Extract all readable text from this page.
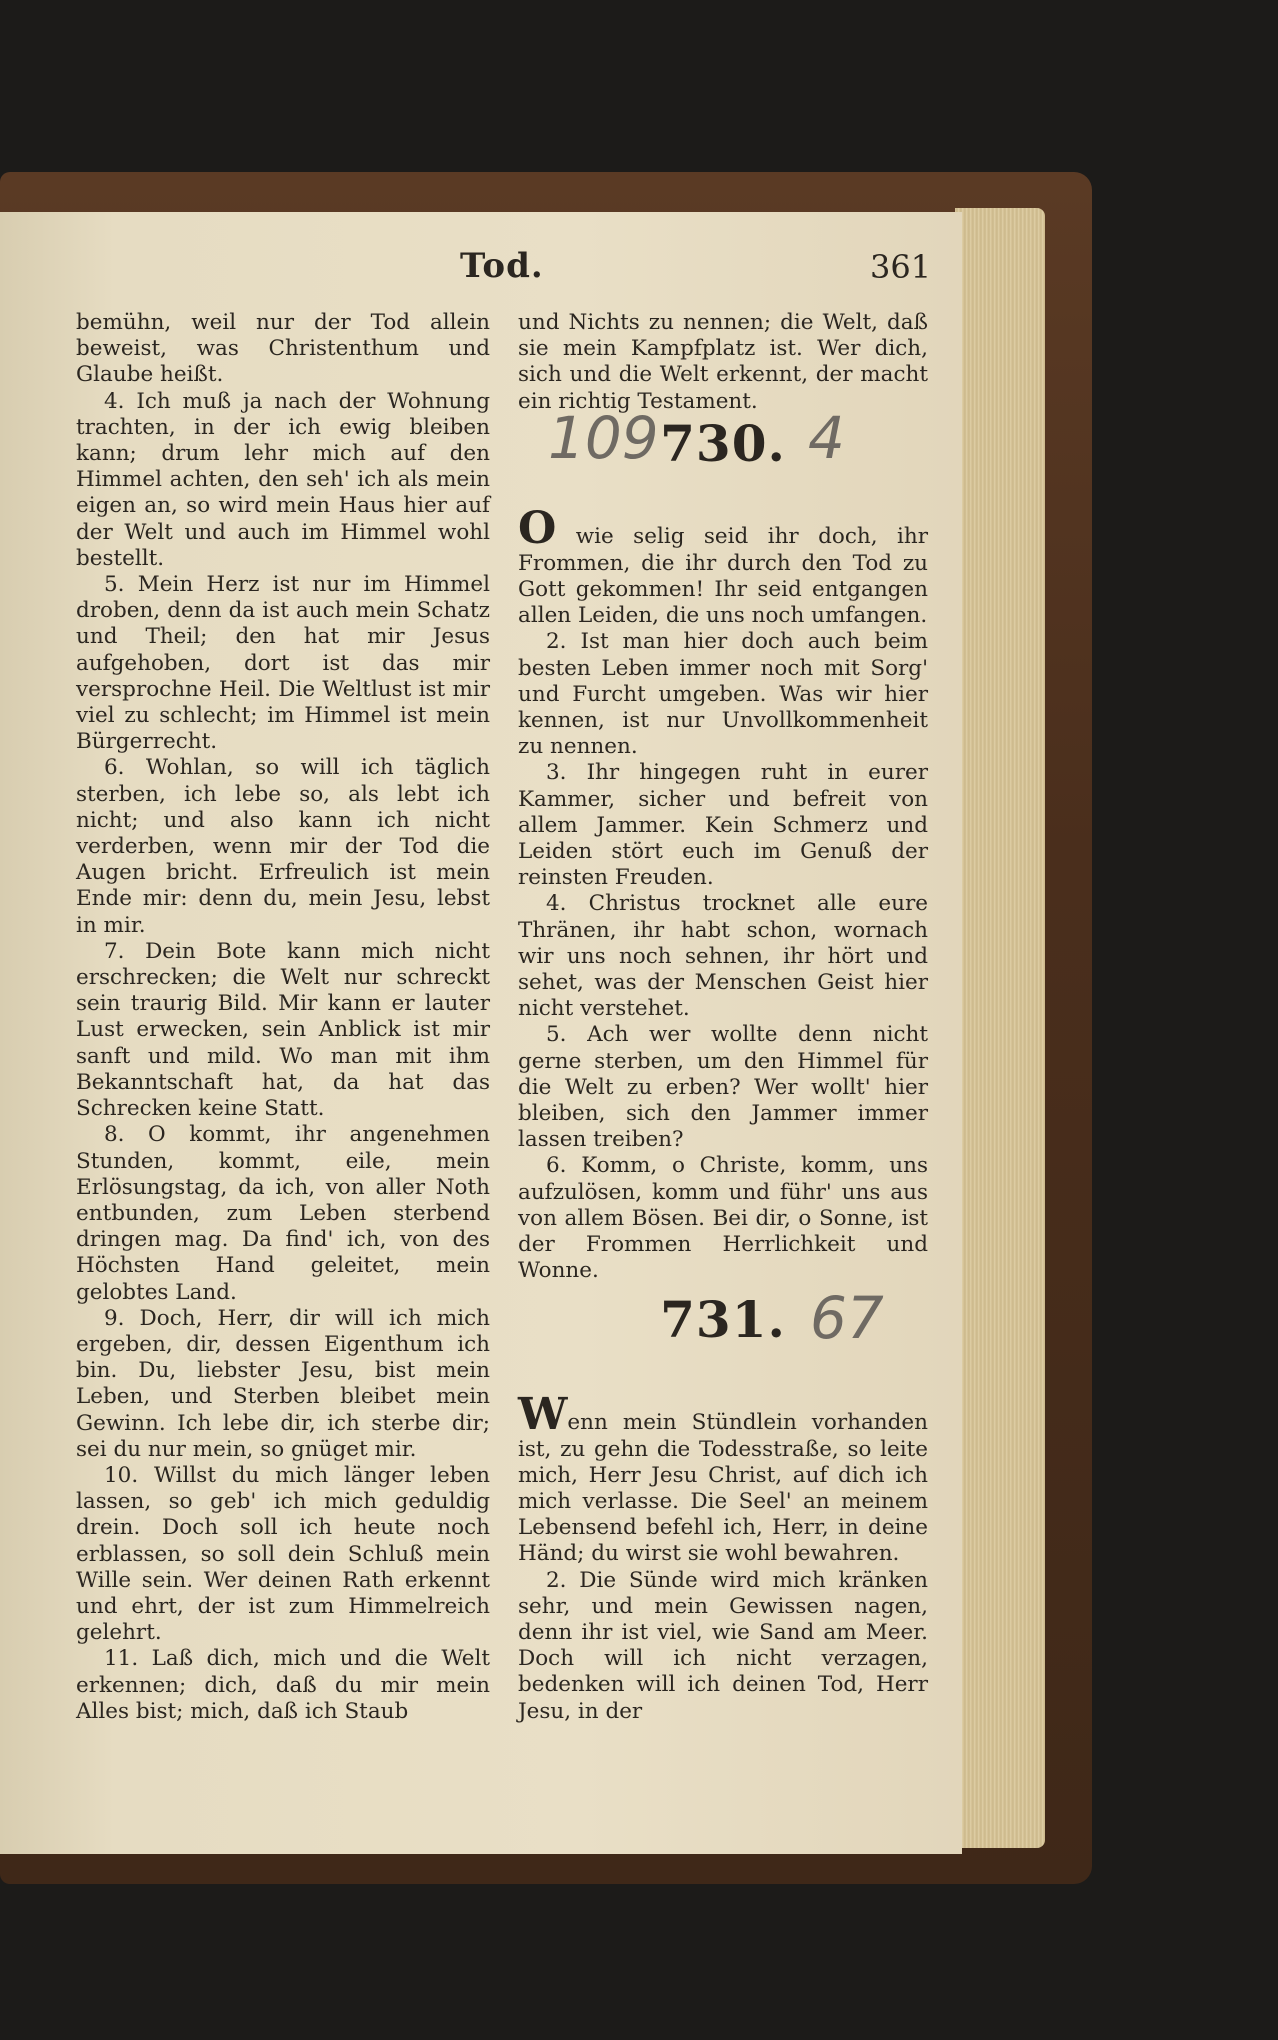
Tod.	361

bemühn, weil nur der Tod allein beweist, was Christenthum und Glaube heißt.

4. Ich muß ja nach der Wohnung trachten, in der ich ewig bleiben kann; drum lehr mich auf den Himmel achten, den seh' ich als mein eigen an, so wird mein Haus hier auf der Welt und auch im Himmel wohl bestellt.

5. Mein Herz ist nur im Himmel droben, denn da ist auch mein Schatz und Theil; den hat mir Jesus aufgehoben, dort ist das mir versprochne Heil. Die Weltlust ist mir viel zu schlecht; im Himmel ist mein Bürgerrecht.

6. Wohlan, so will ich täglich sterben, ich lebe so, als lebt ich nicht; und also kann ich nicht verderben, wenn mir der Tod die Augen bricht. Erfreulich ist mein Ende mir: denn du, mein Jesu, lebst in mir.

7. Dein Bote kann mich nicht erschrecken; die Welt nur schreckt sein traurig Bild. Mir kann er lauter Lust erwecken, sein Anblick ist mir sanft und mild. Wo man mit ihm Bekanntschaft hat, da hat das Schrecken keine Statt.

8. O kommt, ihr angenehmen Stunden, kommt, eile, mein Erlösungstag, da ich, von aller Noth entbunden, zum Leben sterbend dringen mag. Da find' ich, von des Höchsten Hand geleitet, mein gelobtes Land.

9. Doch, Herr, dir will ich mich ergeben, dir, dessen Eigenthum ich bin. Du, liebster Jesu, bist mein Leben, und Sterben bleibet mein Gewinn. Ich lebe dir, ich sterbe dir; sei du nur mein, so gnüget mir.

10. Willst du mich länger leben lassen, so geb' ich mich geduldig drein. Doch soll ich heute noch erblassen, so soll dein Schluß mein Wille sein. Wer deinen Rath erkennt und ehrt, der ist zum Himmelreich gelehrt.

11. Laß dich, mich und die Welt erkennen; dich, daß du mir mein Alles bist; mich, daß ich Staub

und Nichts zu nennen; die Welt, daß sie mein Kampfplatz ist. Wer dich, sich und die Welt erkennt, der macht ein richtig Testament.

109 730. 4

O wie selig seid ihr doch, ihr Frommen, die ihr durch den Tod zu Gott gekommen! Ihr seid entgangen allen Leiden, die uns noch umfangen.

2. Ist man hier doch auch beim besten Leben immer noch mit Sorg' und Furcht umgeben. Was wir hier kennen, ist nur Unvollkommenheit zu nennen.

3. Ihr hingegen ruht in eurer Kammer, sicher und befreit von allem Jammer. Kein Schmerz und Leiden stört euch im Genuß der reinsten Freuden.

4. Christus trocknet alle eure Thränen, ihr habt schon, wornach wir uns noch sehnen, ihr hört und sehet, was der Menschen Geist hier nicht verstehet.

5. Ach wer wollte denn nicht gerne sterben, um den Himmel für die Welt zu erben? Wer wollt' hier bleiben, sich den Jammer immer lassen treiben?

6. Komm, o Christe, komm, uns aufzulösen, komm und führ' uns aus von allem Bösen. Bei dir, o Sonne, ist der Frommen Herrlichkeit und Wonne.

731. 67

Wenn mein Stündlein vorhanden ist, zu gehn die Todesstraße, so leite mich, Herr Jesu Christ, auf dich ich mich verlasse. Die Seel' an meinem Lebensend befehl ich, Herr, in deine Händ; du wirst sie wohl bewahren.

2. Die Sünde wird mich kränken sehr, und mein Gewissen nagen, denn ihr ist viel, wie Sand am Meer. Doch will ich nicht verzagen, bedenken will ich deinen Tod, Herr Jesu, in der
